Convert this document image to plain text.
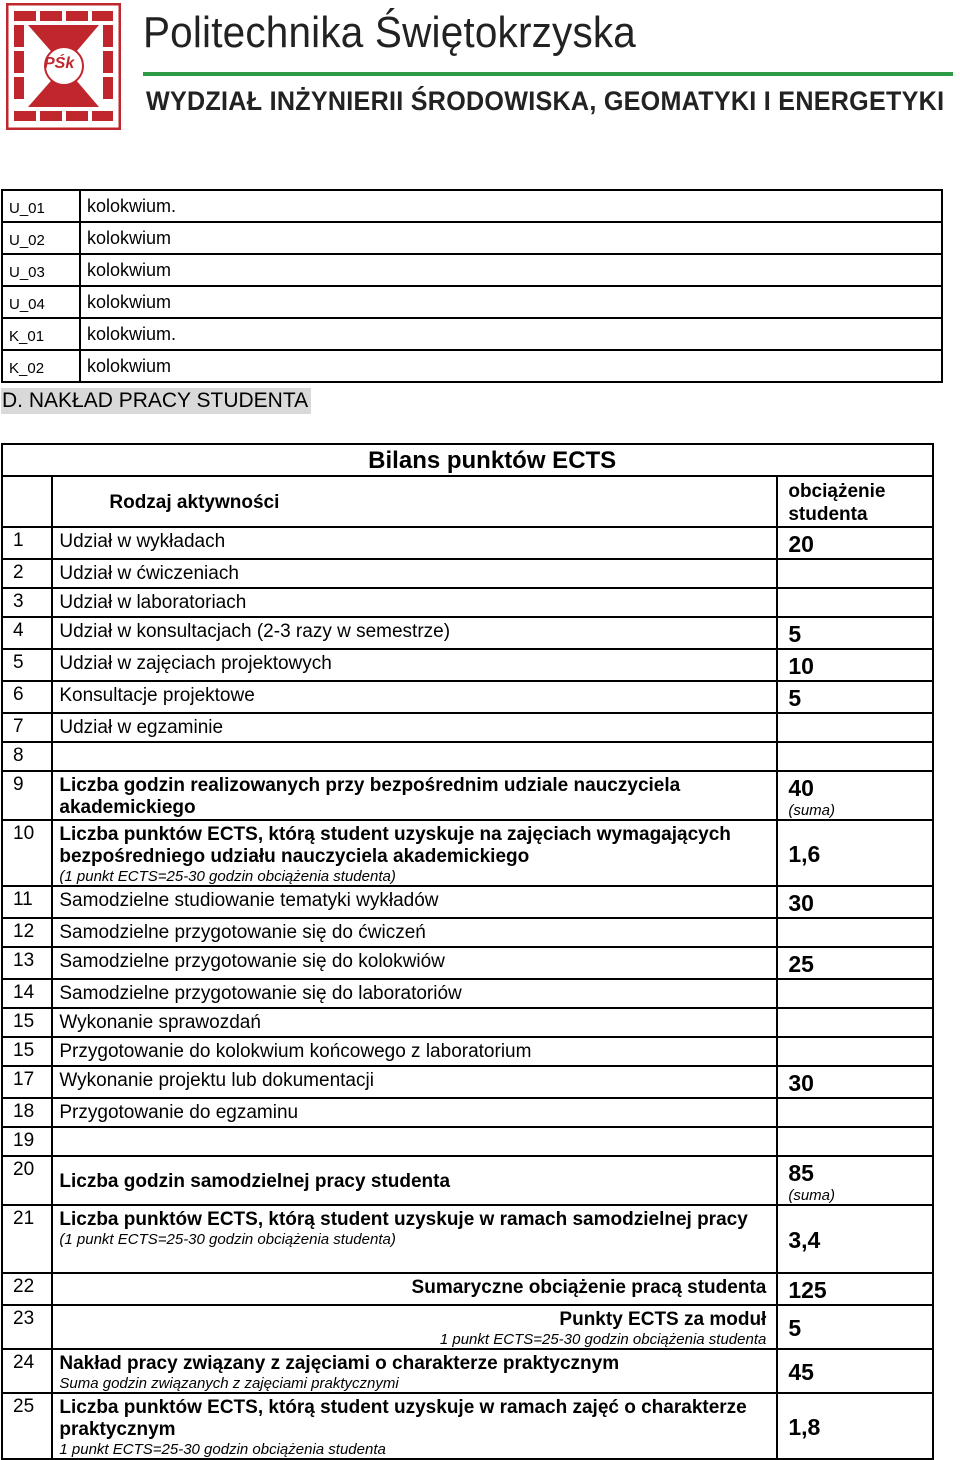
PŚk
Politechnika Świętokrzyska
WYDZIAŁ INŻYNIERII ŚRODOWISKA, GEOMATYKI I ENERGETYKI
U_01	kolokwium.
U_02	kolokwium
U_03	kolokwium
U_04	kolokwium
K_01	kolokwium.
K_02	kolokwium
D. NAKŁAD PRACY STUDENTA
	Bilans punktów ECTS	
	Rodzaj aktywności	obciążenie studenta
1	Udział w wykładach	20
2	Udział w ćwiczeniach	
3	Udział w laboratoriach	
4	Udział w konsultacjach (2-3 razy w semestrze)	5
5	Udział w zajęciach projektowych	10
6	Konsultacje projektowe	5
7	Udział w egzaminie	
8		
9	Liczba godzin realizowanych przy bezpośrednim udziale nauczyciela akademickiego	40
(suma)

10	Liczba punktów ECTS, którą student uzyskuje na zajęciach wymagających bezpośredniego udziału nauczyciela akademickiego
(1 punkt ECTS=25-30 godzin obciążenia studenta)	1,6
11	Samodzielne studiowanie tematyki wykładów	30
12	Samodzielne przygotowanie się do ćwiczeń	
13	Samodzielne przygotowanie się do kolokwiów	25
14	Samodzielne przygotowanie się do laboratoriów	
15	Wykonanie sprawozdań	
15	Przygotowanie do kolokwium końcowego z laboratorium	
17	Wykonanie projektu lub dokumentacji	30
18	Przygotowanie do egzaminu	
19		
20	Liczba godzin samodzielnej pracy studenta	85
(suma)

21	Liczba punktów ECTS, którą student uzyskuje w ramach samodzielnej pracy
(1 punkt ECTS=25-30 godzin obciążenia studenta)	3,4
22	Sumaryczne obciążenie pracą studenta	125
23	Punkty ECTS za moduł
1 punkt ECTS=25-30 godzin obciążenia studenta	5
24	Nakład pracy związany z zajęciami o charakterze praktycznym
Suma godzin związanych z zajęciami praktycznymi	45
25	Liczba punktów ECTS, którą student uzyskuje w ramach zajęć o charakterze praktycznym
1 punkt ECTS=25-30 godzin obciążenia studenta	1,8
